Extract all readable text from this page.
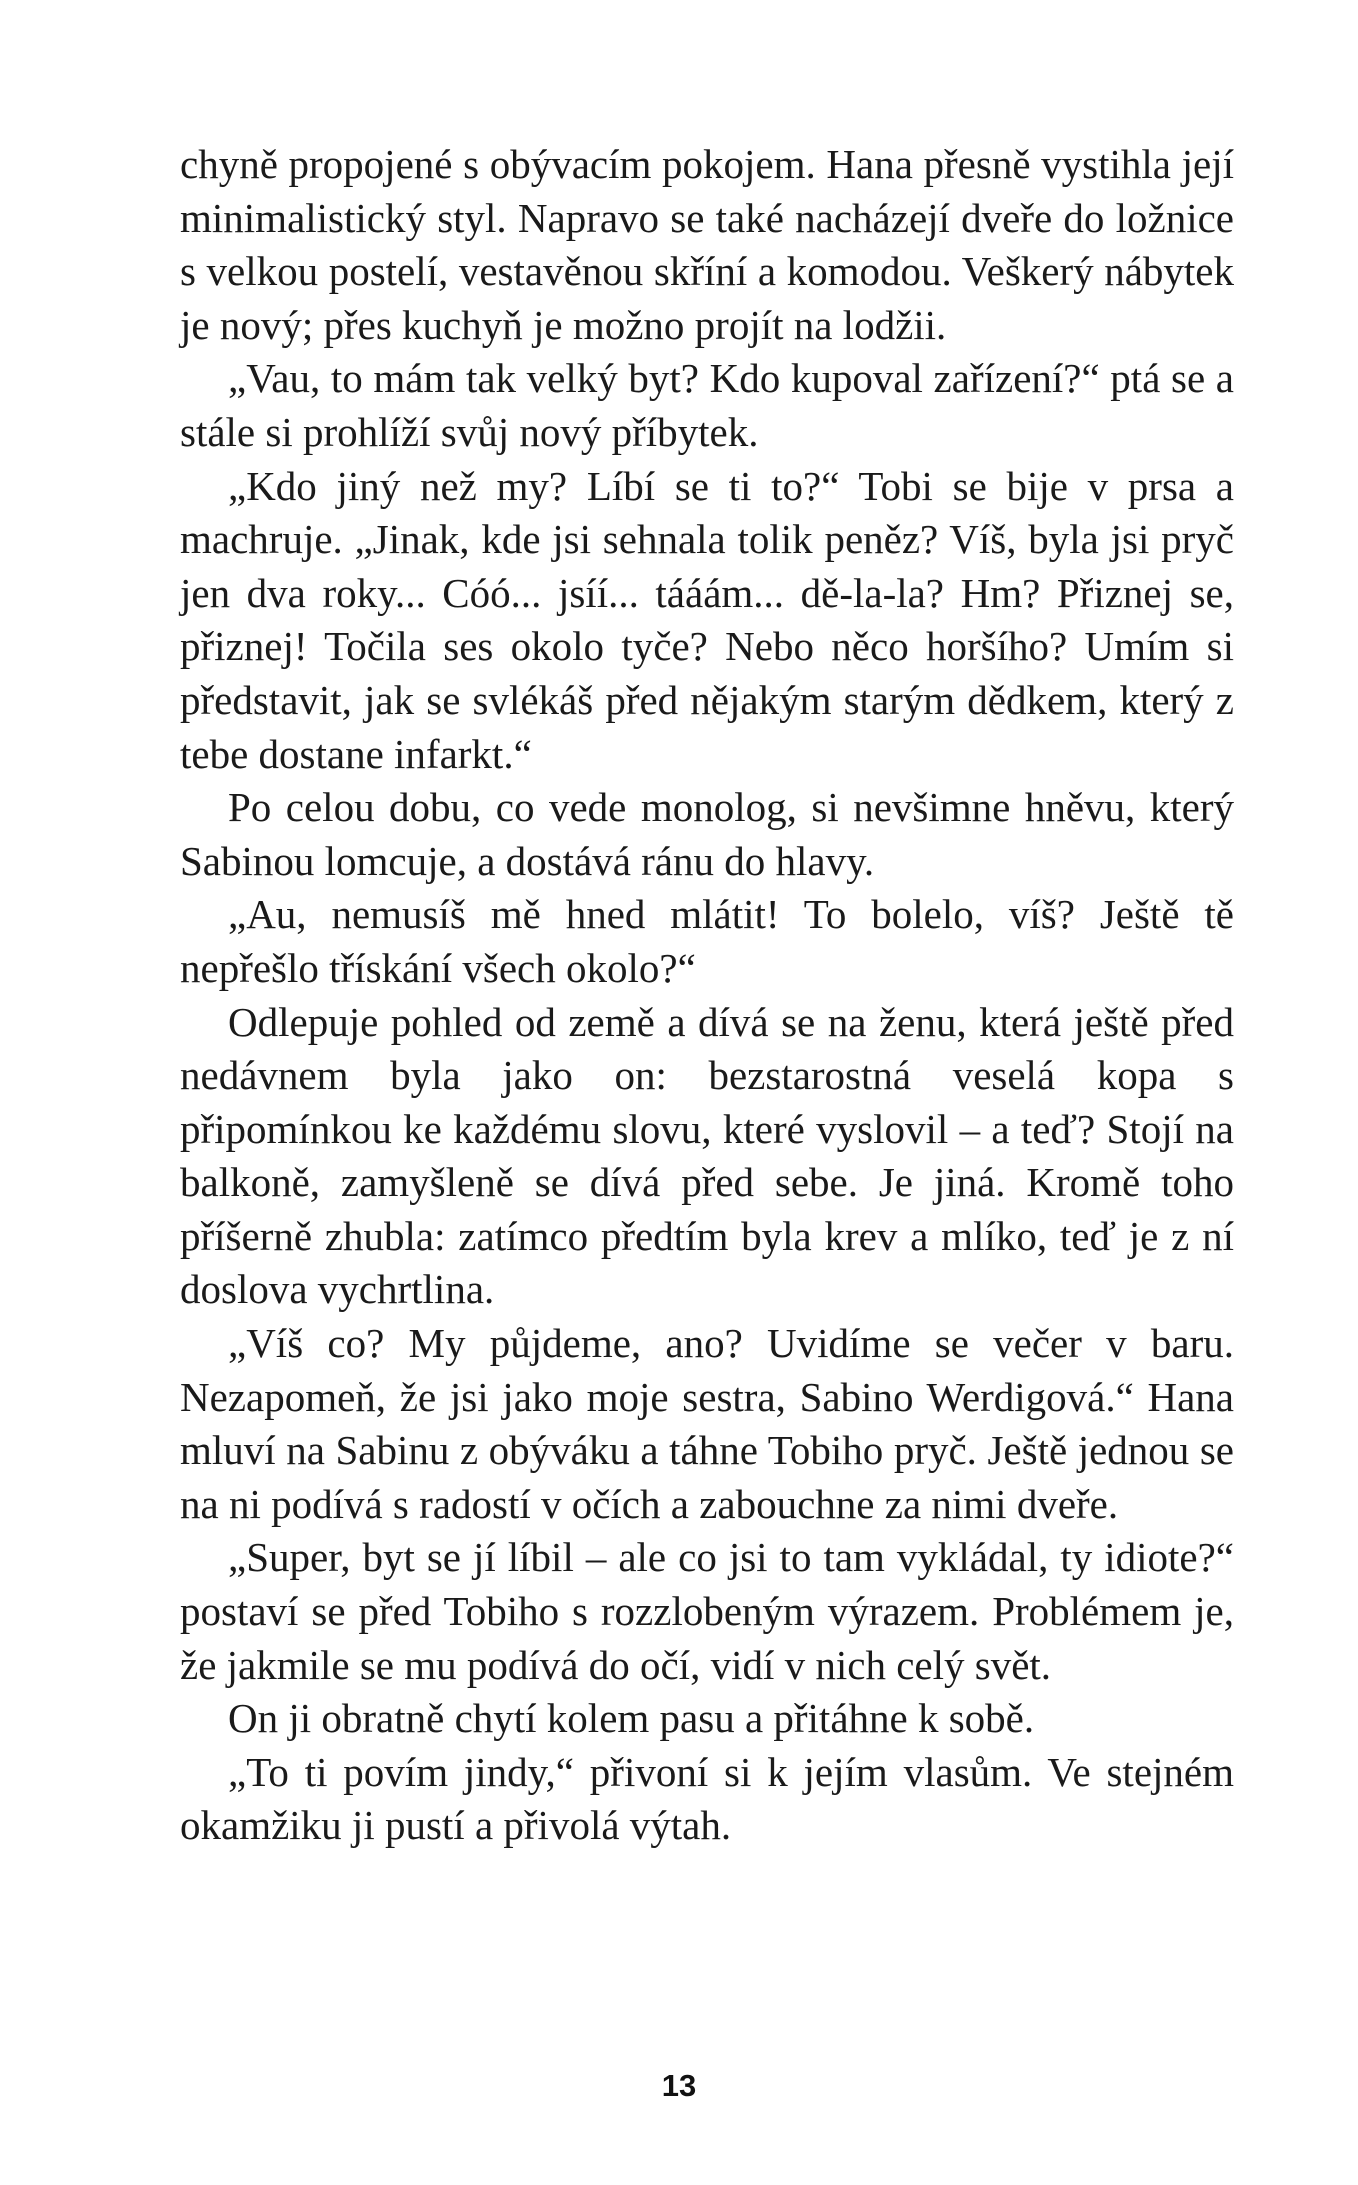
chyně propojené s obývacím pokojem. Hana přesně vystihla její minimalistický styl. Napravo se také nacházejí dveře do ložnice s velkou postelí, vestavěnou skříní a komodou. Veškerý nábytek je nový; přes kuchyň je možno projít na lodžii.

„Vau, to mám tak velký byt? Kdo kupoval zařízení?“ ptá se a stále si prohlíží svůj nový příbytek.

„Kdo jiný než my? Líbí se ti to?“ Tobi se bije v prsa a machruje. „Jinak, kde jsi sehnala tolik peněz? Víš, byla jsi pryč jen dva roky... Cóó... jsíí... tááám... dě-la-la? Hm? Přiznej se, přiznej! Točila ses okolo tyče? Nebo něco horšího? Umím si představit, jak se svlékáš před nějakým starým dědkem, který z tebe dostane infarkt.“

Po celou dobu, co vede monolog, si nevšimne hněvu, který Sabinou lomcuje, a dostává ránu do hlavy.

„Au, nemusíš mě hned mlátit! To bolelo, víš? Ještě tě nepřešlo třískání všech okolo?“

Odlepuje pohled od země a dívá se na ženu, která ještě před nedávnem byla jako on: bezstarostná veselá kopa s připomínkou ke každému slovu, které vyslovil – a teď? Stojí na balkoně, zamyšleně se dívá před sebe. Je jiná. Kromě toho příšerně zhubla: zatímco předtím byla krev a mlíko, teď je z ní doslova vychrtlina.

„Víš co? My půjdeme, ano? Uvidíme se večer v baru. Nezapomeň, že jsi jako moje sestra, Sabino Werdigová.“ Hana mluví na Sabinu z obýváku a táhne Tobiho pryč. Ještě jednou se na ni podívá s radostí v očích a zabouchne za nimi dveře.

„Super, byt se jí líbil – ale co jsi to tam vykládal, ty idiote?“ postaví se před Tobiho s rozzlobeným výrazem. Problémem je, že jakmile se mu podívá do očí, vidí v nich celý svět.

On ji obratně chytí kolem pasu a přitáhne k sobě.

„To ti povím jindy,“ přivoní si k jejím vlasům. Ve stejném okamžiku ji pustí a přivolá výtah.

13
